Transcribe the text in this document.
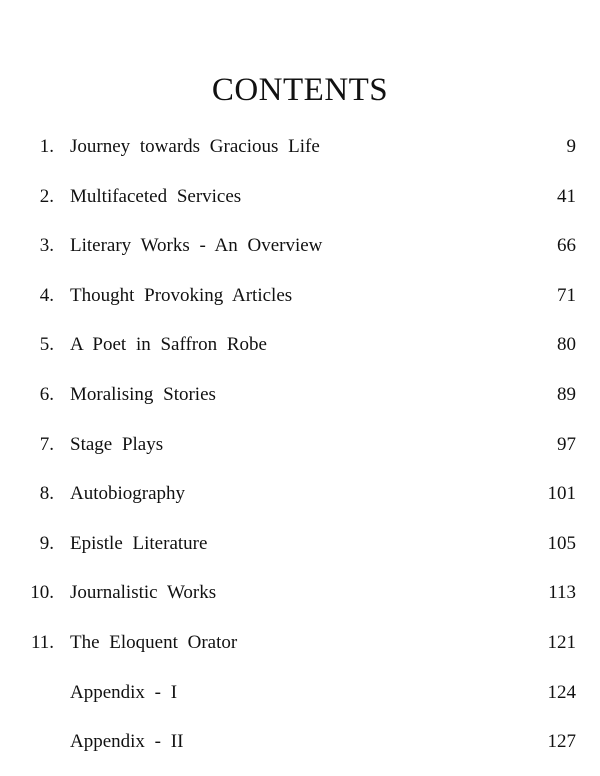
CONTENTS
1. Journey towards Gracious Life	9
2. Multifaceted Services	41
3. Literary Works - An Overview	66
4. Thought Provoking Articles	71
5. A Poet in Saffron Robe	80
6. Moralising Stories	89
7. Stage Plays	97
8. Autobiography	101
9. Epistle Literature	105
10. Journalistic Works	113
11. The Eloquent Orator	121
Appendix - I	124
Appendix - II	127
